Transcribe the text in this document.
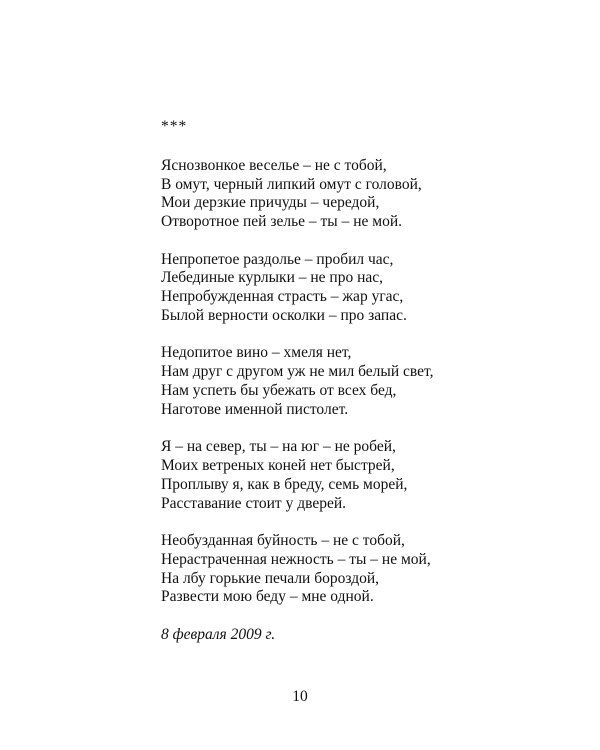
***
Яснозвонкое веселье – не с тобой,
В омут, черный липкий омут с головой,
Мои дерзкие причуды – чередой,
Отворотное пей зелье – ты – не мой.
Непропетое раздолье – пробил час,
Лебединые курлыки – не про нас,
Непробужденная страсть – жар угас,
Былой верности осколки – про запас.
Недопитое вино – хмеля нет,
Нам друг с другом уж не мил белый свет,
Нам успеть бы убежать от всех бед,
Наготове именной пистолет.
Я – на север, ты – на юг – не робей,
Моих ветреных коней нет быстрей,
Проплыву я, как в бреду, семь морей,
Расставание стоит у дверей.
Необузданная буйность – не с тобой,
Нерастраченная нежность – ты – не мой,
На лбу горькие печали бороздой,
Развести мою беду – мне одной.
8 февраля 2009 г.
10
